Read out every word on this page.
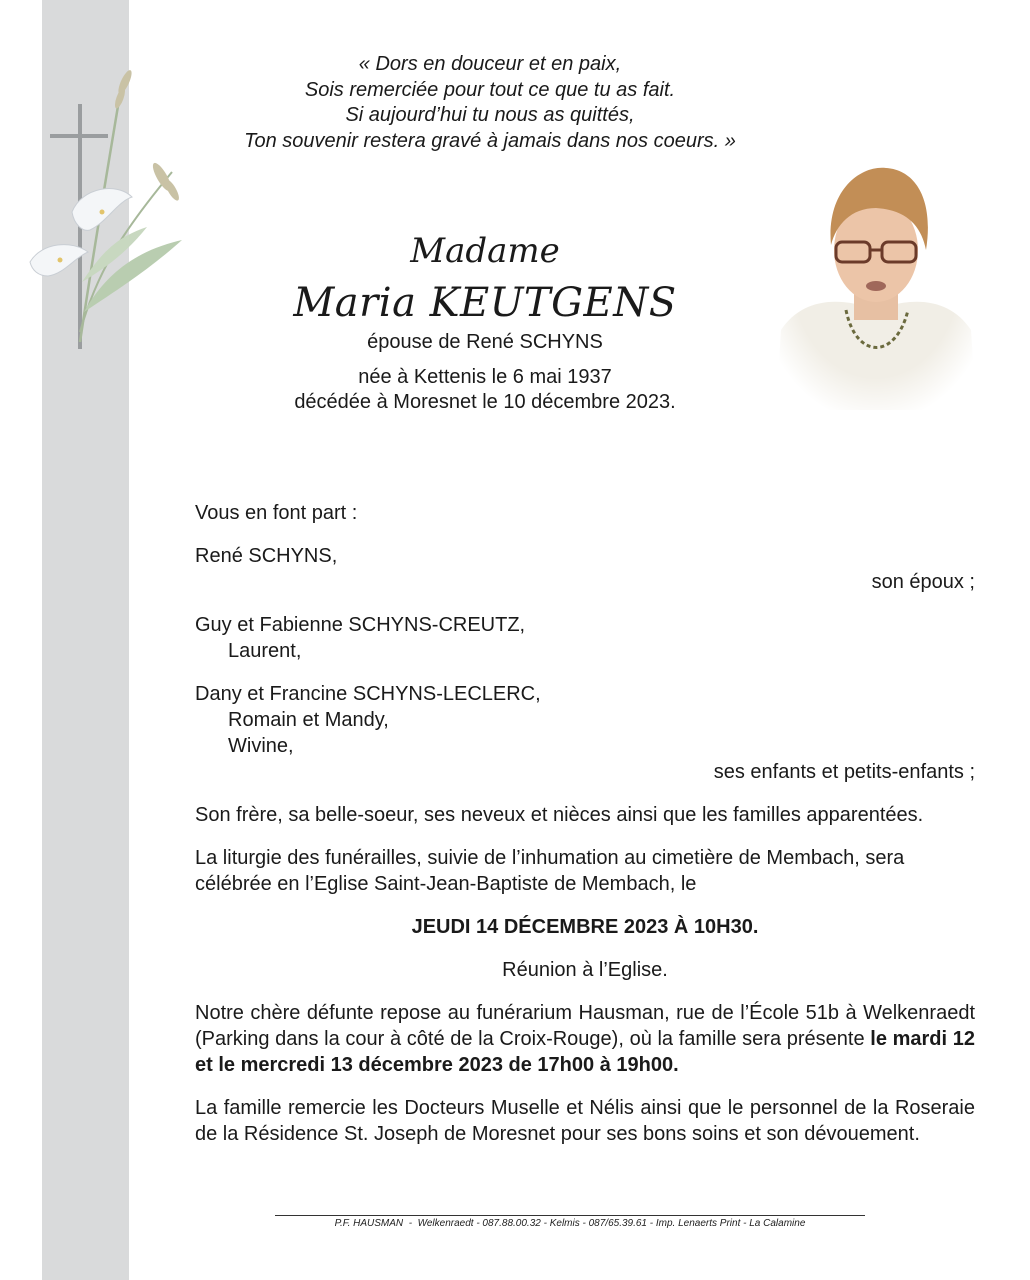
« Dors en douceur et en paix,
Sois remerciée pour tout ce que tu as fait.
Si aujourd’hui tu nous as quittés,
Ton souvenir restera gravé à jamais dans nos coeurs. »
Madame
Maria KEUTGENS
épouse de René SCHYNS
née à Kettenis le 6 mai 1937
décédée à Moresnet le 10 décembre 2023.

Vous en font part :

René SCHYNS,

son époux ;

Guy et Fabienne SCHYNS-CREUTZ,

Laurent,

Dany et Francine SCHYNS-LECLERC,

Romain et Mandy,

Wivine,

ses enfants et petits-enfants ;

Son frère, sa belle-soeur, ses neveux et nièces ainsi que les familles apparentées.

La liturgie des funérailles, suivie de l’inhumation au cimetière de Membach, sera célébrée en l’Eglise Saint-Jean-Baptiste de Membach, le

JEUDI 14 DÉCEMBRE 2023 À 10H30.

Réunion à l’Eglise.

Notre chère défunte repose au funérarium Hausman, rue de l’École 51b à Welkenraedt (Parking dans la cour à côté de la Croix-Rouge), où la famille sera présente le mardi 12 et le mercredi 13 décembre 2023 de 17h00 à 19h00.

La famille remercie les Docteurs Muselle et Nélis ainsi que le personnel de la Roseraie de la Résidence St. Joseph de Moresnet pour ses bons soins et son dévouement.

P.F. HAUSMAN  -  Welkenraedt - 087.88.00.32 - Kelmis - 087/65.39.61 - Imp. Lenaerts Print - La Calamine
